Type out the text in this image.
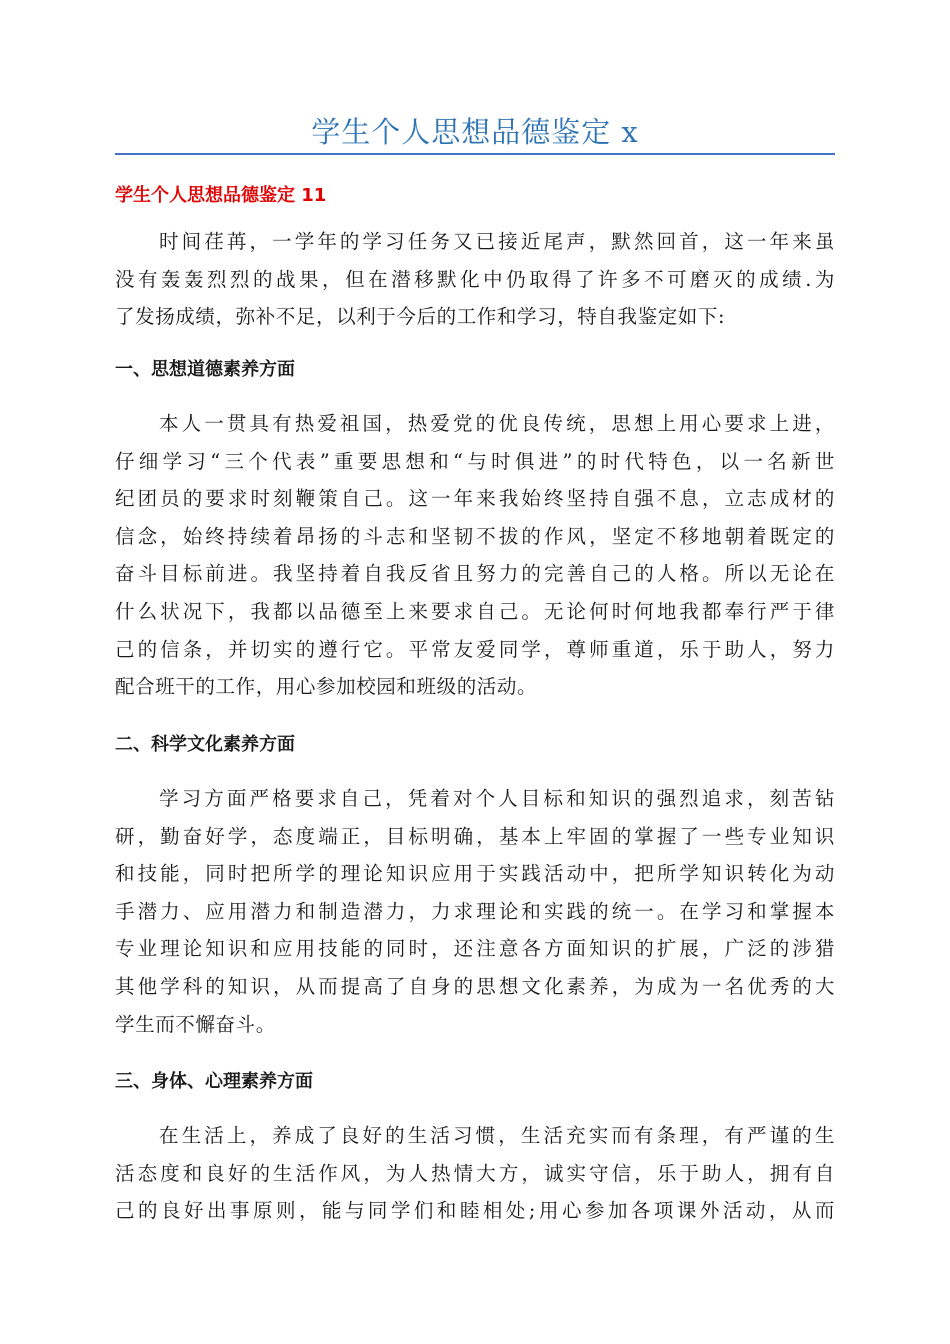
学生个人思想品德鉴定 x
学生个人思想品德鉴定 11
时间荏苒，一学年的学习任务又已接近尾声，默然回首，这一年来虽
没有轰轰烈烈的战果，但在潜移默化中仍取得了许多不可磨灭的成绩.为
了发扬成绩，弥补不足，以利于今后的工作和学习，特自我鉴定如下:
一、思想道德素养方面
本人一贯具有热爱祖国，热爱党的优良传统，思想上用心要求上进，
仔细学习“三个代表”重要思想和“与时俱进”的时代特色，以一名新世
纪团员的要求时刻鞭策自己。这一年来我始终坚持自强不息，立志成材的
信念，始终持续着昂扬的斗志和坚韧不拔的作风，坚定不移地朝着既定的
奋斗目标前进。我坚持着自我反省且努力的完善自己的人格。所以无论在
什么状况下，我都以品德至上来要求自己。无论何时何地我都奉行严于律
己的信条，并切实的遵行它。平常友爱同学，尊师重道，乐于助人，努力
配合班干的工作，用心参加校园和班级的活动。
二、科学文化素养方面
学习方面严格要求自己，凭着对个人目标和知识的强烈追求，刻苦钻
研，勤奋好学，态度端正，目标明确，基本上牢固的掌握了一些专业知识
和技能，同时把所学的理论知识应用于实践活动中，把所学知识转化为动
手潜力、应用潜力和制造潜力，力求理论和实践的统一。在学习和掌握本
专业理论知识和应用技能的同时，还注意各方面知识的扩展，广泛的涉猎
其他学科的知识，从而提高了自身的思想文化素养，为成为一名优秀的大
学生而不懈奋斗。
三、身体、心理素养方面
在生活上，养成了良好的生活习惯，生活充实而有条理，有严谨的生
活态度和良好的生活作风，为人热情大方，诚实守信，乐于助人，拥有自
己的良好出事原则，能与同学们和睦相处;用心参加各项课外活动，从而
